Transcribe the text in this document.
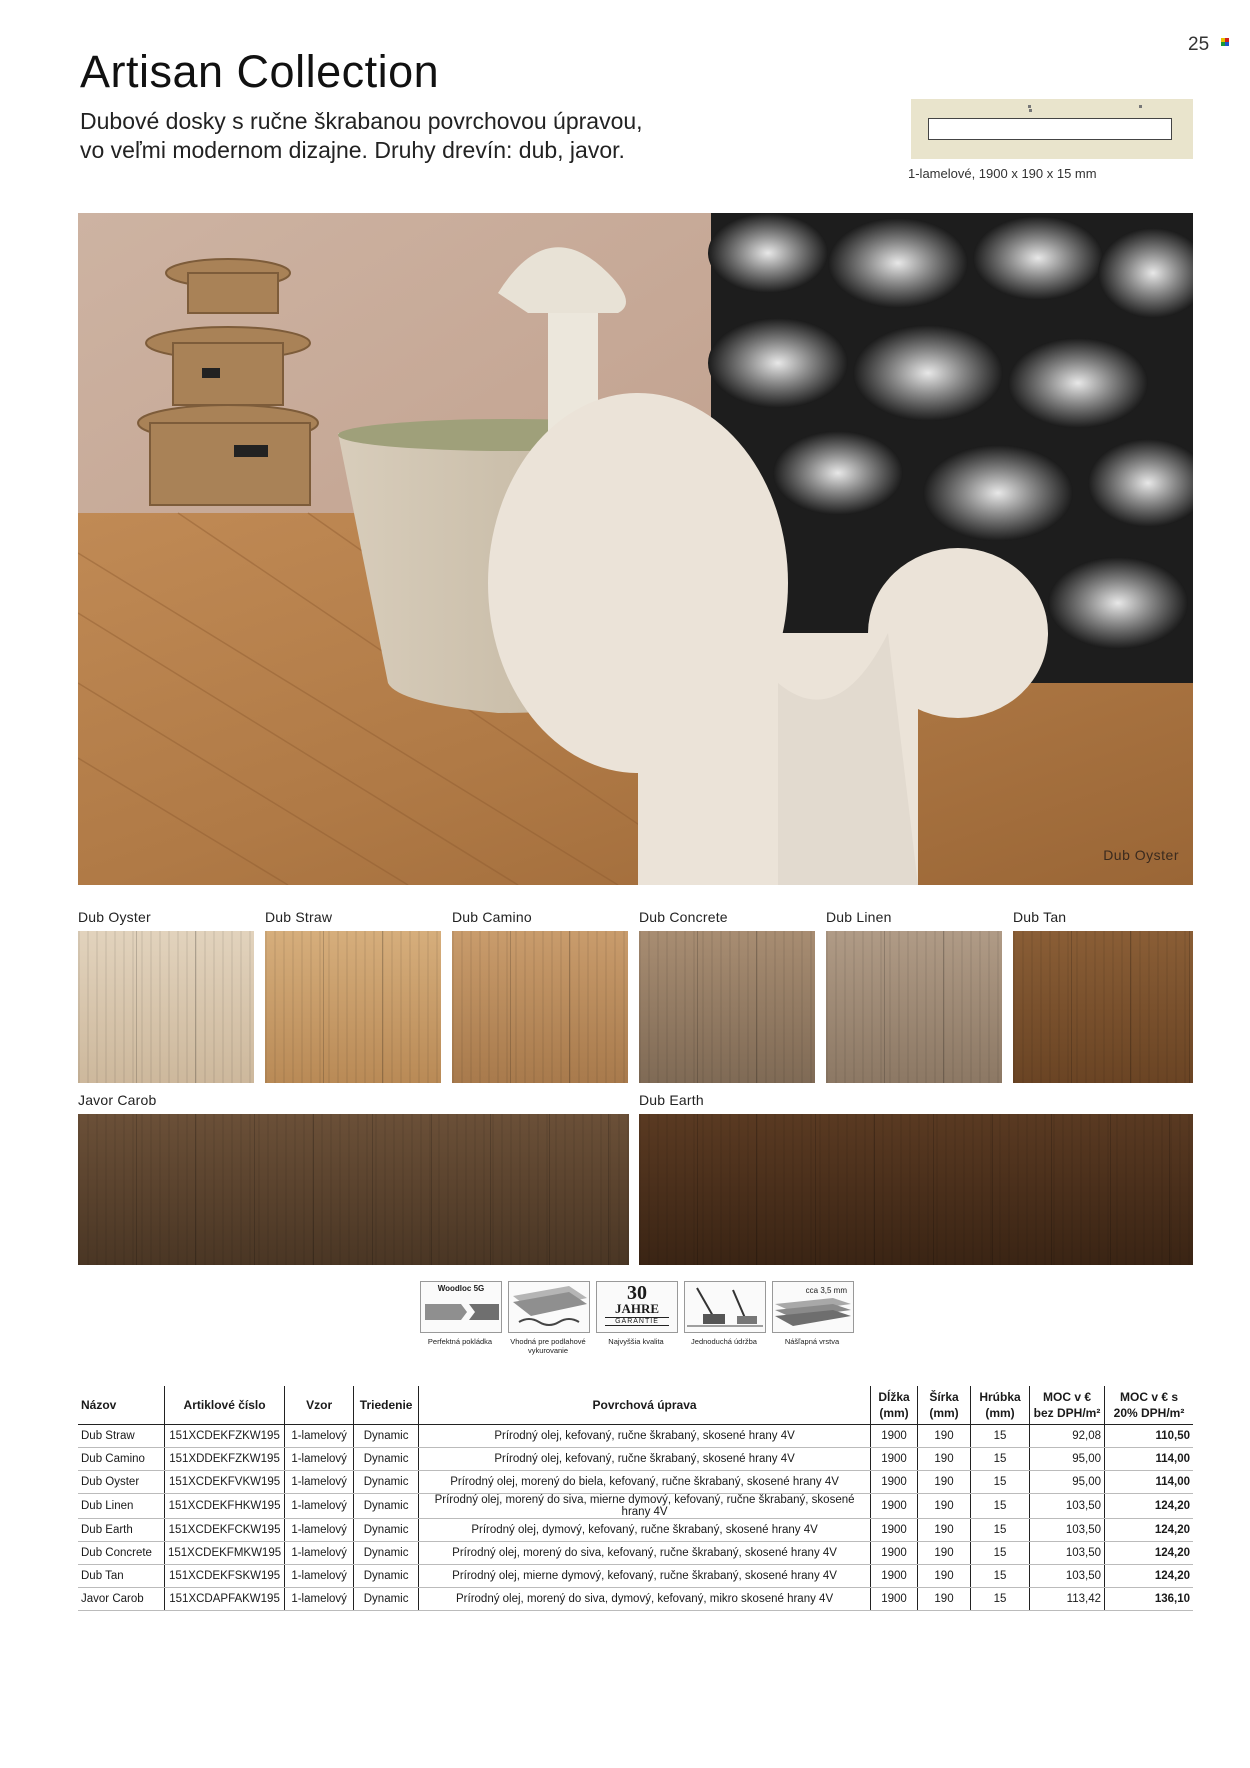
25
Artisan Collection
Dubové dosky s ručne škrabanou povrchovou úpravou,
vo veľmi modernom dizajne. Druhy drevín: dub, javor.
1-lamelové, 1900 x 190 x 15 mm
Dub Oyster
Dub Oyster	Dub Straw	Dub Camino	Dub Concrete	Dub Linen	Dub Tan
Javor Carob	Dub Earth
Woodloc 5G
Perfektná pokládka	Vhodná pre podlahové vykurovanie
30
JAHRE
GARANTIE
Najvyššia kvalita	Jednoduchá údržba
cca 3,5 mm
Nášľapná vrstva
Názov	Artiklové číslo	Vzor	Triedenie	Povrchová úprava	Dĺžka (mm)	Šírka (mm)	Hrúbka (mm)	MOC v € bez DPH/m²	MOC v € s 20% DPH/m²
Dub Straw	151XCDEKFZKW195	1-lamelový	Dynamic	Prírodný olej, kefovaný, ručne škrabaný, skosené hrany 4V	1900	190	15	92,08	110,50
Dub Camino	151XDDEKFZKW195	1-lamelový	Dynamic	Prírodný olej, kefovaný, ručne škrabaný, skosené hrany 4V	1900	190	15	95,00	114,00
Dub Oyster	151XCDEKFVKW195	1-lamelový	Dynamic	Prírodný olej, morený do biela, kefovaný, ručne škrabaný, skosené hrany 4V	1900	190	15	95,00	114,00
Dub Linen	151XCDEKFHKW195	1-lamelový	Dynamic	Prírodný olej, morený do siva, mierne dymový, kefovaný, ručne škrabaný, skosené hrany 4V	1900	190	15	103,50	124,20
Dub Earth	151XCDEKFCKW195	1-lamelový	Dynamic	Prírodný olej, dymový, kefovaný, ručne škrabaný, skosené hrany 4V	1900	190	15	103,50	124,20
Dub Concrete	151XCDEKFMKW195	1-lamelový	Dynamic	Prírodný olej, morený do siva, kefovaný, ručne škrabaný, skosené hrany 4V	1900	190	15	103,50	124,20
Dub Tan	151XCDEKFSKW195	1-lamelový	Dynamic	Prírodný olej, mierne dymový, kefovaný, ručne škrabaný, skosené hrany 4V	1900	190	15	103,50	124,20
Javor Carob	151XCDAPFAKW195	1-lamelový	Dynamic	Prírodný olej, morený do siva, dymový, kefovaný, mikro skosené hrany 4V	1900	190	15	113,42	136,10
